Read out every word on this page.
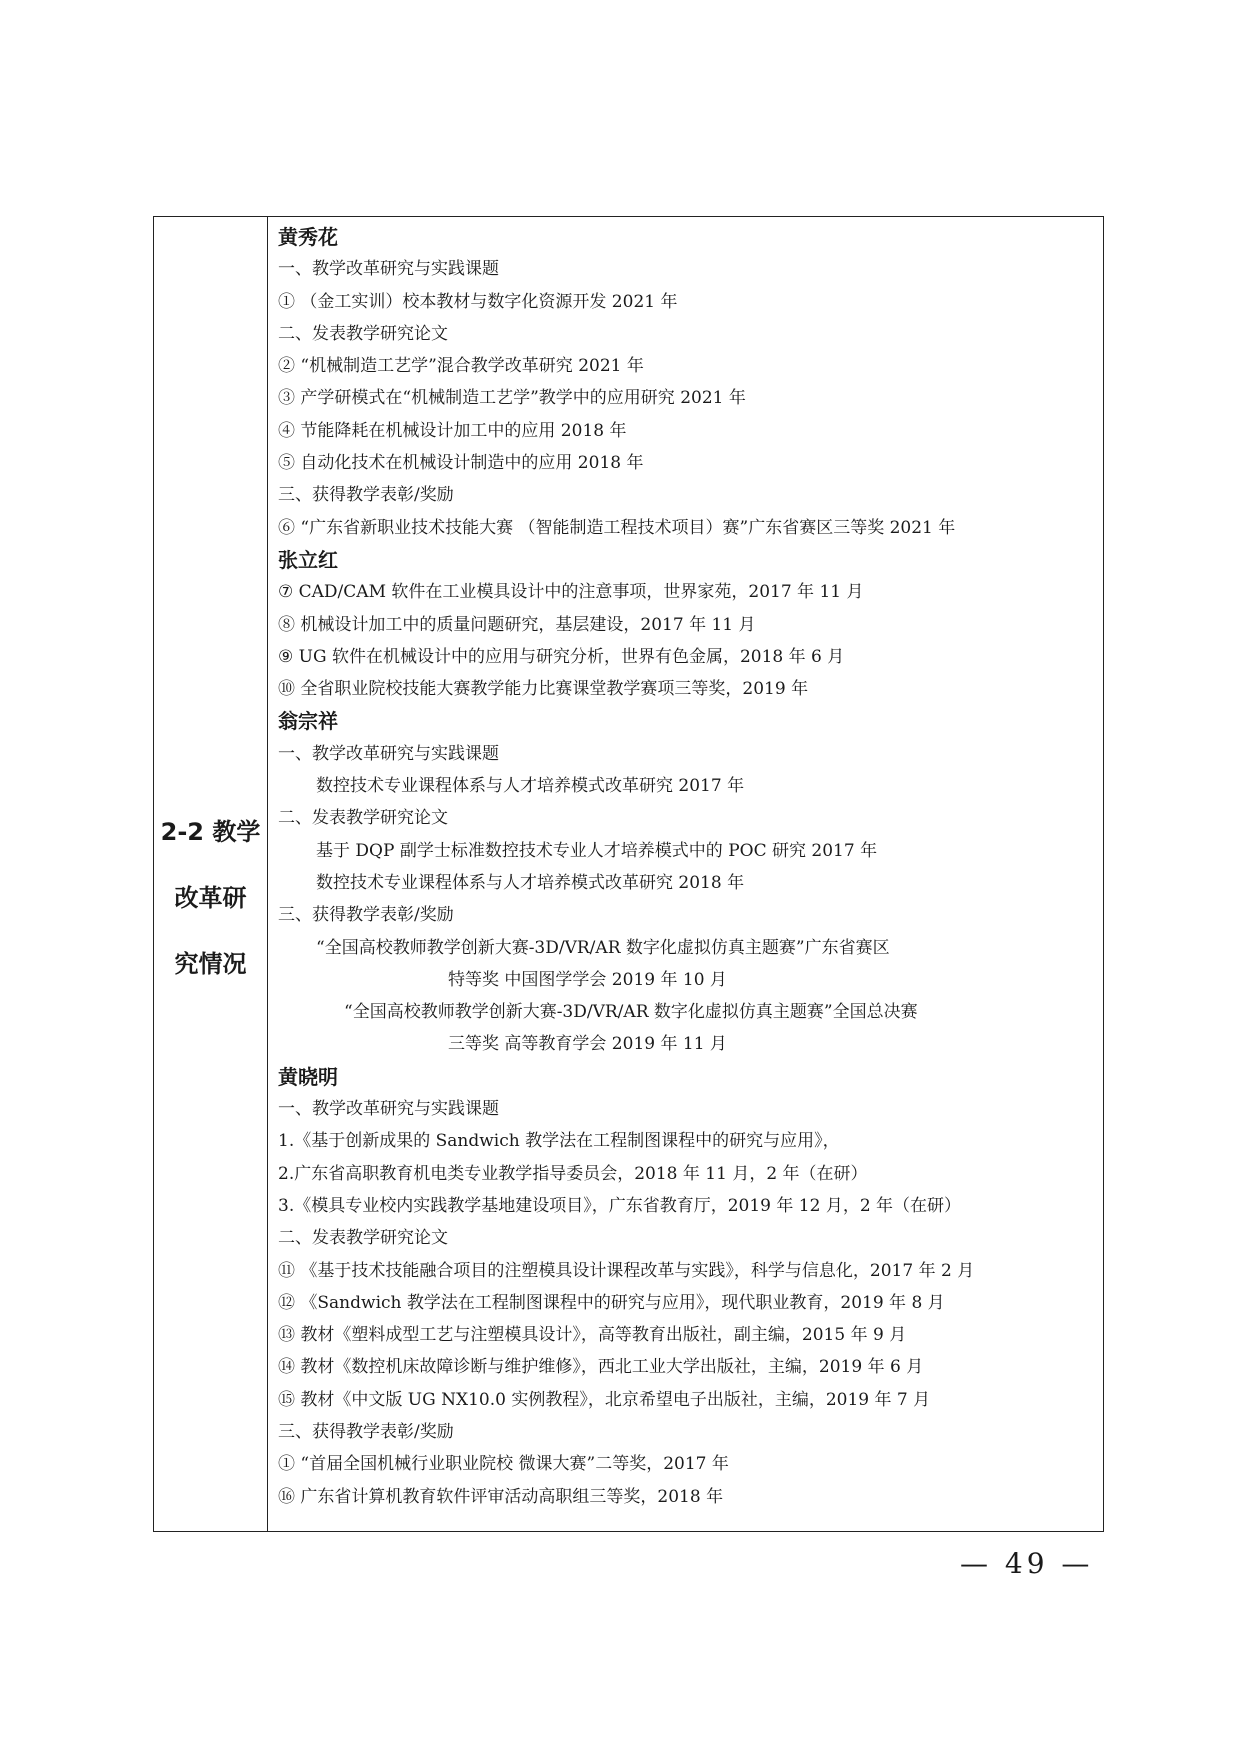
2-2 教学
改革研
究情况
黄秀花
一、教学改革研究与实践课题
① （金工实训）校本教材与数字化资源开发 2021 年
二、发表教学研究论文
② “机械制造工艺学”混合教学改革研究 2021 年
③ 产学研模式在“机械制造工艺学”教学中的应用研究 2021 年
④ 节能降耗在机械设计加工中的应用 2018 年
⑤ 自动化技术在机械设计制造中的应用 2018 年
三、获得教学表彰/奖励
⑥ “广东省新职业技术技能大赛 （智能制造工程技术项目）赛”广东省赛区三等奖 2021 年
张立红
⑦ CAD/CAM 软件在工业模具设计中的注意事项，世界家苑，2017 年 11 月
⑧ 机械设计加工中的质量问题研究，基层建设，2017 年 11 月
⑨ UG 软件在机械设计中的应用与研究分析，世界有色金属，2018 年 6 月
⑩ 全省职业院校技能大赛教学能力比赛课堂教学赛项三等奖，2019 年
翁宗祥
一、教学改革研究与实践课题
数控技术专业课程体系与人才培养模式改革研究 2017 年
二、发表教学研究论文
基于 DQP 副学士标准数控技术专业人才培养模式中的 POC 研究 2017 年
数控技术专业课程体系与人才培养模式改革研究 2018 年
三、获得教学表彰/奖励
“全国高校教师教学创新大赛-3D/VR/AR 数字化虚拟仿真主题赛”广东省赛区
特等奖 中国图学学会 2019 年 10 月
“全国高校教师教学创新大赛-3D/VR/AR 数字化虚拟仿真主题赛”全国总决赛
三等奖 高等教育学会 2019 年 11 月
黄晓明
一、教学改革研究与实践课题
1.《基于创新成果的 Sandwich 教学法在工程制图课程中的研究与应用》，
2.广东省高职教育机电类专业教学指导委员会，2018 年 11 月，2 年（在研）
3.《模具专业校内实践教学基地建设项目》，广东省教育厅，2019 年 12 月，2 年（在研）
二、发表教学研究论文
⑪ 《基于技术技能融合项目的注塑模具设计课程改革与实践》，科学与信息化，2017 年 2 月
⑫ 《Sandwich 教学法在工程制图课程中的研究与应用》，现代职业教育，2019 年 8 月
⑬ 教材《塑料成型工艺与注塑模具设计》，高等教育出版社，副主编，2015 年 9 月
⑭ 教材《数控机床故障诊断与维护维修》，西北工业大学出版社，主编，2019 年 6 月
⑮ 教材《中文版 UG NX10.0 实例教程》，北京希望电子出版社，主编，2019 年 7 月
三、获得教学表彰/奖励
① “首届全国机械行业职业院校 微课大赛”二等奖，2017 年
⑯ 广东省计算机教育软件评审活动高职组三等奖，2018 年
— 49 —
